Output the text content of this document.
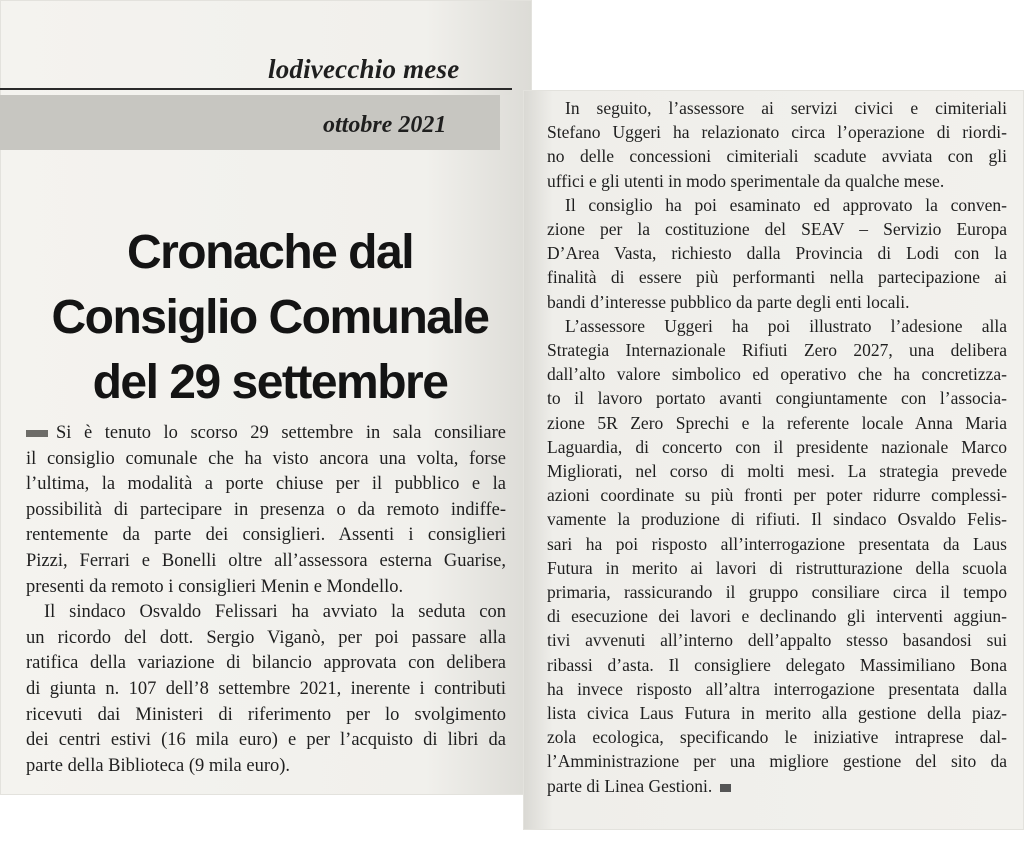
lodivecchio mese
ottobre 2021
Cronache dal
Consiglio Comunale
del 29 settembre

Si è tenuto lo scorso 29 settembre in sala consiliare
il consiglio comunale che ha visto ancora una volta, forse
l’ultima, la modalità a porte chiuse per il pubblico e la
possibilità di partecipare in presenza o da remoto indiffe-
rentemente da parte dei consiglieri. Assenti i consiglieri
Pizzi, Ferrari e Bonelli oltre all’assessora esterna Guarise,
presenti da remoto i consiglieri Menin e Mondello.

Il sindaco Osvaldo Felissari ha avviato la seduta con
un ricordo del dott. Sergio Viganò, per poi passare alla
ratifica della variazione di bilancio approvata con delibera
di giunta n. 107 dell’8 settembre 2021, inerente i contributi
ricevuti dai Ministeri di riferimento per lo svolgimento
dei centri estivi (16 mila euro) e per l’acquisto di libri da
parte della Biblioteca (9 mila euro).

In seguito, l’assessore ai servizi civici e cimiteriali
Stefano Uggeri ha relazionato circa l’operazione di riordi-
no delle concessioni cimiteriali scadute avviata con gli
uffici e gli utenti in modo sperimentale da qualche mese.

Il consiglio ha poi esaminato ed approvato la conven-
zione per la costituzione del SEAV – Servizio Europa
D’Area Vasta, richiesto dalla Provincia di Lodi con la
finalità di essere più performanti nella partecipazione ai
bandi d’interesse pubblico da parte degli enti locali.

L’assessore Uggeri ha poi illustrato l’adesione alla
Strategia Internazionale Rifiuti Zero 2027, una delibera
dall’alto valore simbolico ed operativo che ha concretizza-
to il lavoro portato avanti congiuntamente con l’associa-
zione 5R Zero Sprechi e la referente locale Anna Maria
Laguardia, di concerto con il presidente nazionale Marco
Migliorati, nel corso di molti mesi. La strategia prevede
azioni coordinate su più fronti per poter ridurre complessi-
vamente la produzione di rifiuti. Il sindaco Osvaldo Felis-
sari ha poi risposto all’interrogazione presentata da Laus
Futura in merito ai lavori di ristrutturazione della scuola
primaria, rassicurando il gruppo consiliare circa il tempo
di esecuzione dei lavori e declinando gli interventi aggiun-
tivi avvenuti all’interno dell’appalto stesso basandosi sui
ribassi d’asta. Il consigliere delegato Massimiliano Bona
ha invece risposto all’altra interrogazione presentata dalla
lista civica Laus Futura in merito alla gestione della piaz-
zola ecologica, specificando le iniziative intraprese dal-
l’Amministrazione per una migliore gestione del sito da
parte di Linea Gestioni.
